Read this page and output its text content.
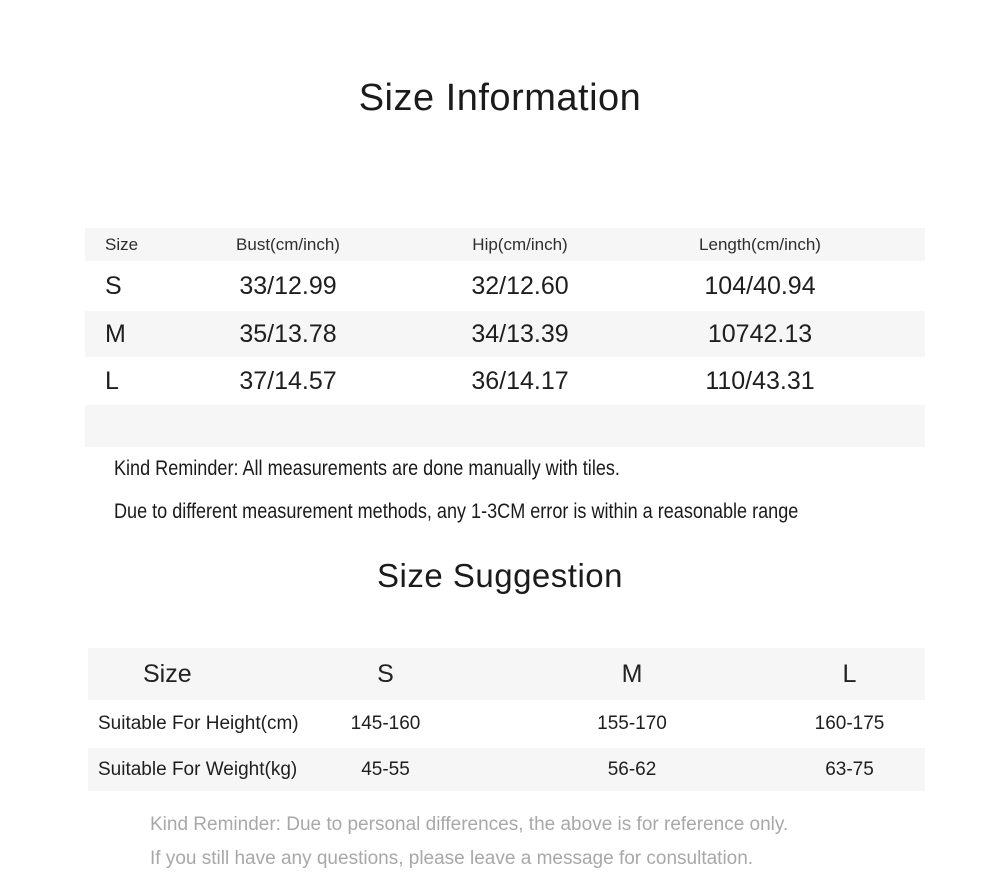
Size Information
Size	Bust(cm/inch)	Hip(cm/inch)	Length(cm/inch)
S	33/12.99	32/12.60	104/40.94
M	35/13.78	34/13.39	10742.13
L	37/14.57	36/14.17	110/43.31
Kind Reminder: All measurements are done manually with tiles.
Due to different measurement methods, any 1-3CM error is within a reasonable range
Size Suggestion
Size	S	M	L
Suitable For Height(cm)	145-160	155-170	160-175
Suitable For Weight(kg)	45-55	56-62	63-75
Kind Reminder: Due to personal differences, the above is for reference only.
If you still have any questions, please leave a message for consultation.
